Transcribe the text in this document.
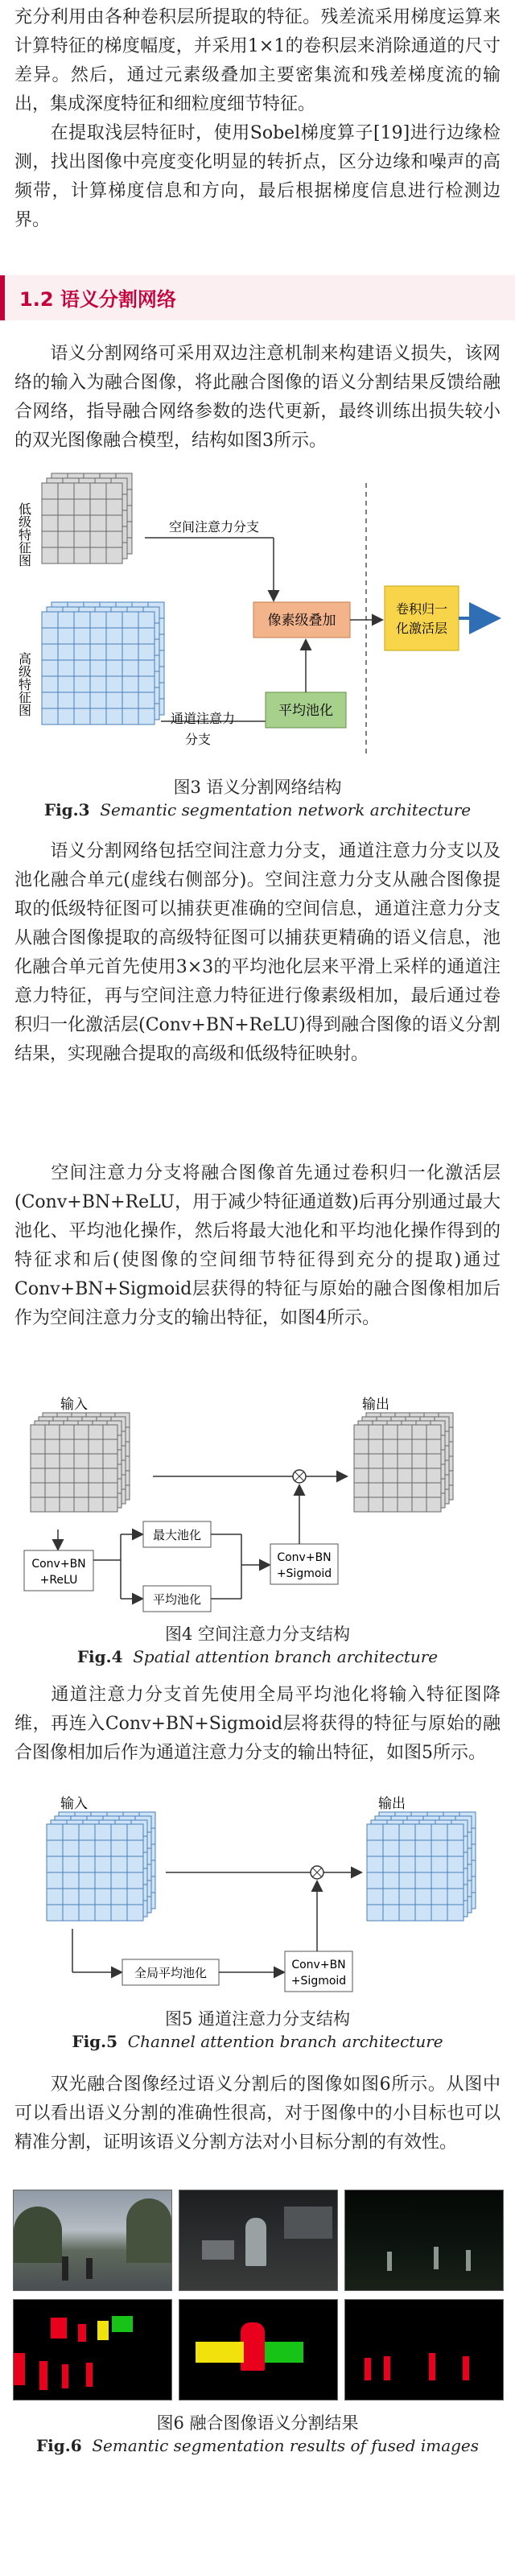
充分利用由各种卷积层所提取的特征。残差流采用梯度运算来计算特征的梯度幅度，并采用1×1的卷积层来消除通道的尺寸差异。然后，通过元素级叠加主要密集流和残差梯度流的输出，集成深度特征和细粒度细节特征。

在提取浅层特征时，使用Sobel梯度算子[19]进行边缘检测，找出图像中亮度变化明显的转折点，区分边缘和噪声的高频带，计算梯度信息和方向，最后根据梯度信息进行检测边界。

1.2 语义分割网络

语义分割网络可采用双边注意机制来构建语义损失，该网络的输入为融合图像，将此融合图像的语义分割结果反馈给融合网络，指导融合网络参数的迭代更新，最终训练出损失较小的双光图像融合模型，结构如图3所示。

低级特征图
高级特征图
空间注意力分支
像素级叠加
卷积归一
化激活层
平均池化
通道注意力
分支
图3 语义分割网络结构
Fig.3 Semantic segmentation network architecture

语义分割网络包括空间注意力分支，通道注意力分支以及池化融合单元(虚线右侧部分)。空间注意力分支从融合图像提取的低级特征图可以捕获更准确的空间信息，通道注意力分支从融合图像提取的高级特征图可以捕获更精确的语义信息，池化融合单元首先使用3×3的平均池化层来平滑上采样的通道注意力特征，再与空间注意力特征进行像素级相加，最后通过卷积归一化激活层(Conv+BN+ReLU)得到融合图像的语义分割结果，实现融合提取的高级和低级特征映射。

空间注意力分支将融合图像首先通过卷积归一化激活层(Conv+BN+ReLU，用于减少特征通道数)后再分别通过最大池化、平均池化操作，然后将最大池化和平均池化操作得到的特征求和后(使图像的空间细节特征得到充分的提取)通过Conv+BN+Sigmoid层获得的特征与原始的融合图像相加后作为空间注意力分支的输出特征，如图4所示。

输入	输出
Conv+BN
+ReLU
最大池化
平均池化
Conv+BN
+Sigmoid
图4 空间注意力分支结构
Fig.4 Spatial attention branch architecture

通道注意力分支首先使用全局平均池化将输入特征图降维，再连入Conv+BN+Sigmoid层将获得的特征与原始的融合图像相加后作为通道注意力分支的输出特征，如图5所示。

输入	输出
全局平均池化
Conv+BN
+Sigmoid
图5 通道注意力分支结构
Fig.5 Channel attention branch architecture

双光融合图像经过语义分割后的图像如图6所示。从图中可以看出语义分割的准确性很高，对于图像中的小目标也可以精准分割，证明该语义分割方法对小目标分割的有效性。

图6 融合图像语义分割结果
Fig.6 Semantic segmentation results of fused images
